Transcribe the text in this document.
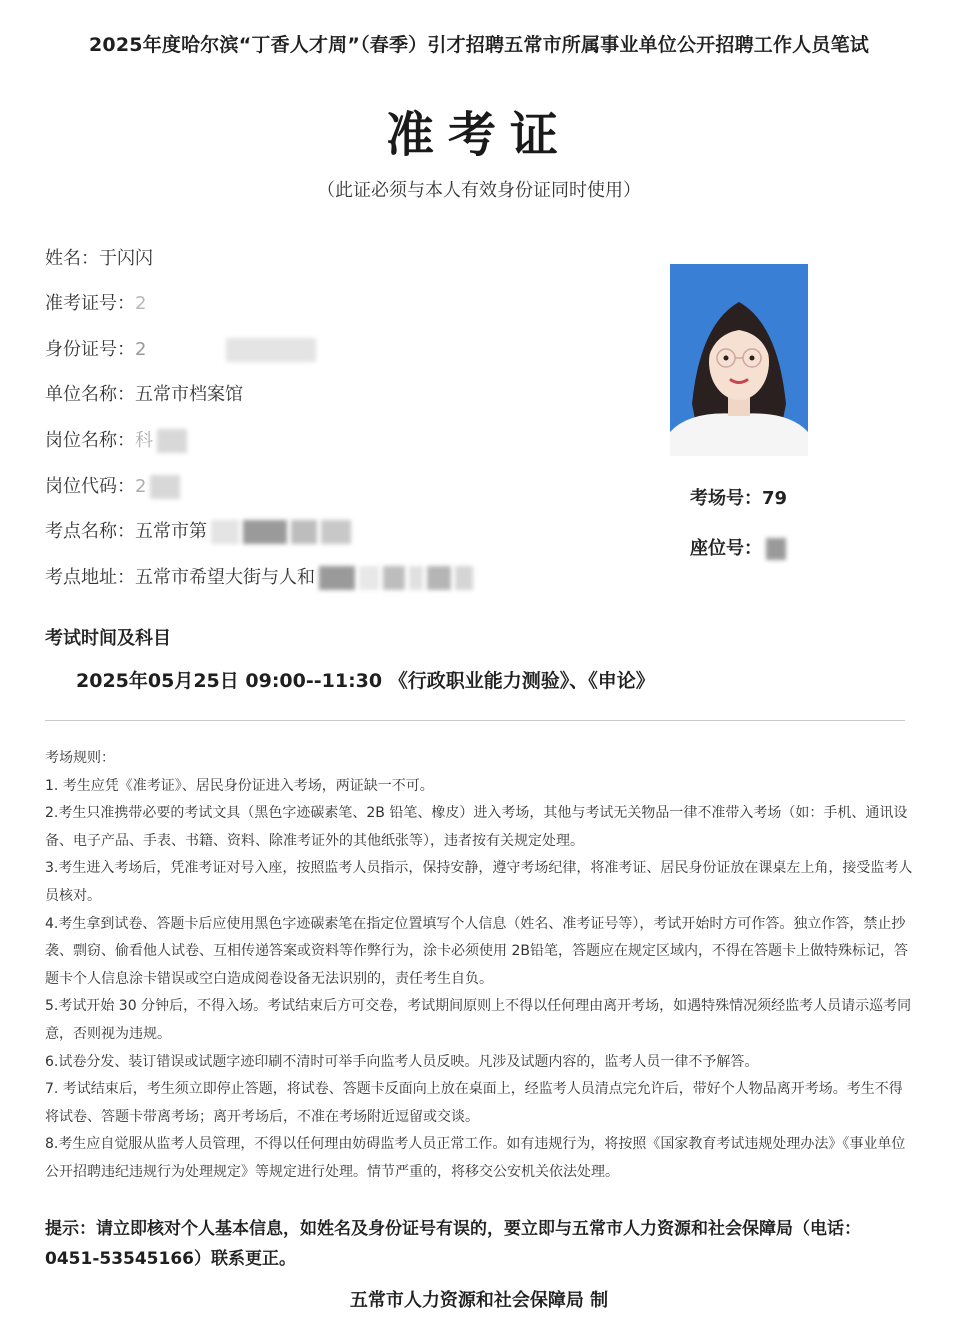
2025年度哈尔滨“丁香人才周”（春季）引才招聘五常市所属事业单位公开招聘工作人员笔试
准考证
（此证必须与本人有效身份证同时使用）
姓名：于闪闪
准考证号：2
身份证号：2
单位名称：五常市档案馆
岗位名称：科
岗位代码：2
考点名称：五常市第
考点地址：五常市希望大街与人和
考场号：79
座位号：
考试时间及科目
2025年05月25日 09:00--11:30 《行政职业能力测验》、《申论》

考场规则：

1. 考生应凭《准考证》、居民身份证进入考场，两证缺一不可。

2.考生只准携带必要的考试文具（黑色字迹碳素笔、2B 铅笔、橡皮）进入考场，其他与考试无关物品一律不准带入考场（如：手机、通讯设备、电子产品、手表、书籍、资料、除准考证外的其他纸张等），违者按有关规定处理。

3.考生进入考场后，凭准考证对号入座，按照监考人员指示，保持安静，遵守考场纪律，将准考证、居民身份证放在课桌左上角，接受监考人员核对。

4.考生拿到试卷、答题卡后应使用黑色字迹碳素笔在指定位置填写个人信息（姓名、准考证号等），考试开始时方可作答。独立作答，禁止抄袭、剽窃、偷看他人试卷、互相传递答案或资料等作弊行为，涂卡必须使用 2B铅笔，答题应在规定区域内，不得在答题卡上做特殊标记，答题卡个人信息涂卡错误或空白造成阅卷设备无法识别的，责任考生自负。

5.考试开始 30 分钟后，不得入场。考试结束后方可交卷，考试期间原则上不得以任何理由离开考场，如遇特殊情况须经监考人员请示巡考同意，否则视为违规。

6.试卷分发、装订错误或试题字迹印刷不清时可举手向监考人员反映。凡涉及试题内容的，监考人员一律不予解答。

7. 考试结束后，考生须立即停止答题，将试卷、答题卡反面向上放在桌面上，经监考人员清点完允许后，带好个人物品离开考场。考生不得将试卷、答题卡带离考场；离开考场后，不准在考场附近逗留或交谈。

8.考生应自觉服从监考人员管理，不得以任何理由妨碍监考人员正常工作。如有违规行为，将按照《国家教育考试违规处理办法》《事业单位公开招聘违纪违规行为处理规定》等规定进行处理。情节严重的，将移交公安机关依法处理。

提示：请立即核对个人基本信息，如姓名及身份证号有误的，要立即与五常市人力资源和社会保障局（电话：0451-53545166）联系更正。
五常市人力资源和社会保障局 制
